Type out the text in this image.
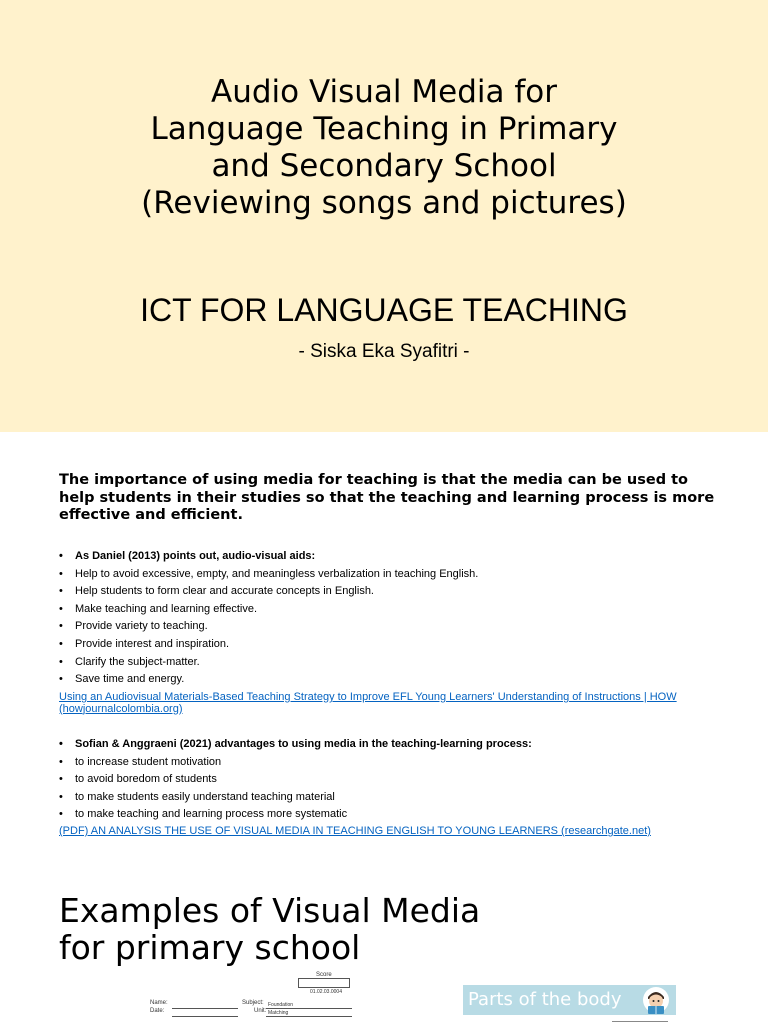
Audio Visual Media for
Language Teaching in Primary
and Secondary School
(Reviewing songs and pictures)
ICT FOR LANGUAGE TEACHING
- Siska Eka Syafitri -
The importance of using media for teaching is that the media can be used to help students in their studies so that the teaching and learning process is more effective and efficient.
• As Daniel (2013) points out, audio-visual aids:
• Help to avoid excessive, empty, and meaningless verbalization in teaching English.
• Help students to form clear and accurate concepts in English.
• Make teaching and learning effective.
• Provide variety to teaching.
• Provide interest and inspiration.
• Clarify the subject-matter.
• Save time and energy.
Using an Audiovisual Materials-Based Teaching Strategy to Improve EFL Young Learners' Understanding of Instructions | HOW (howjournalcolombia.org)
• Sofian & Anggraeni (2021) advantages to using media in the teaching-learning process:
• to increase student motivation
• to avoid boredom of students
• to make students easily understand teaching material
• to make teaching and learning process more systematic
(PDF) AN ANALYSIS THE USE OF VISUAL MEDIA IN TEACHING ENGLISH TO YOUNG LEARNERS (researchgate.net)
Examples of Visual Media
for primary school
Score
01.02.03.0004
Name:
Date:
Subject: Foundation
Unit: Matching
Parts of the body
